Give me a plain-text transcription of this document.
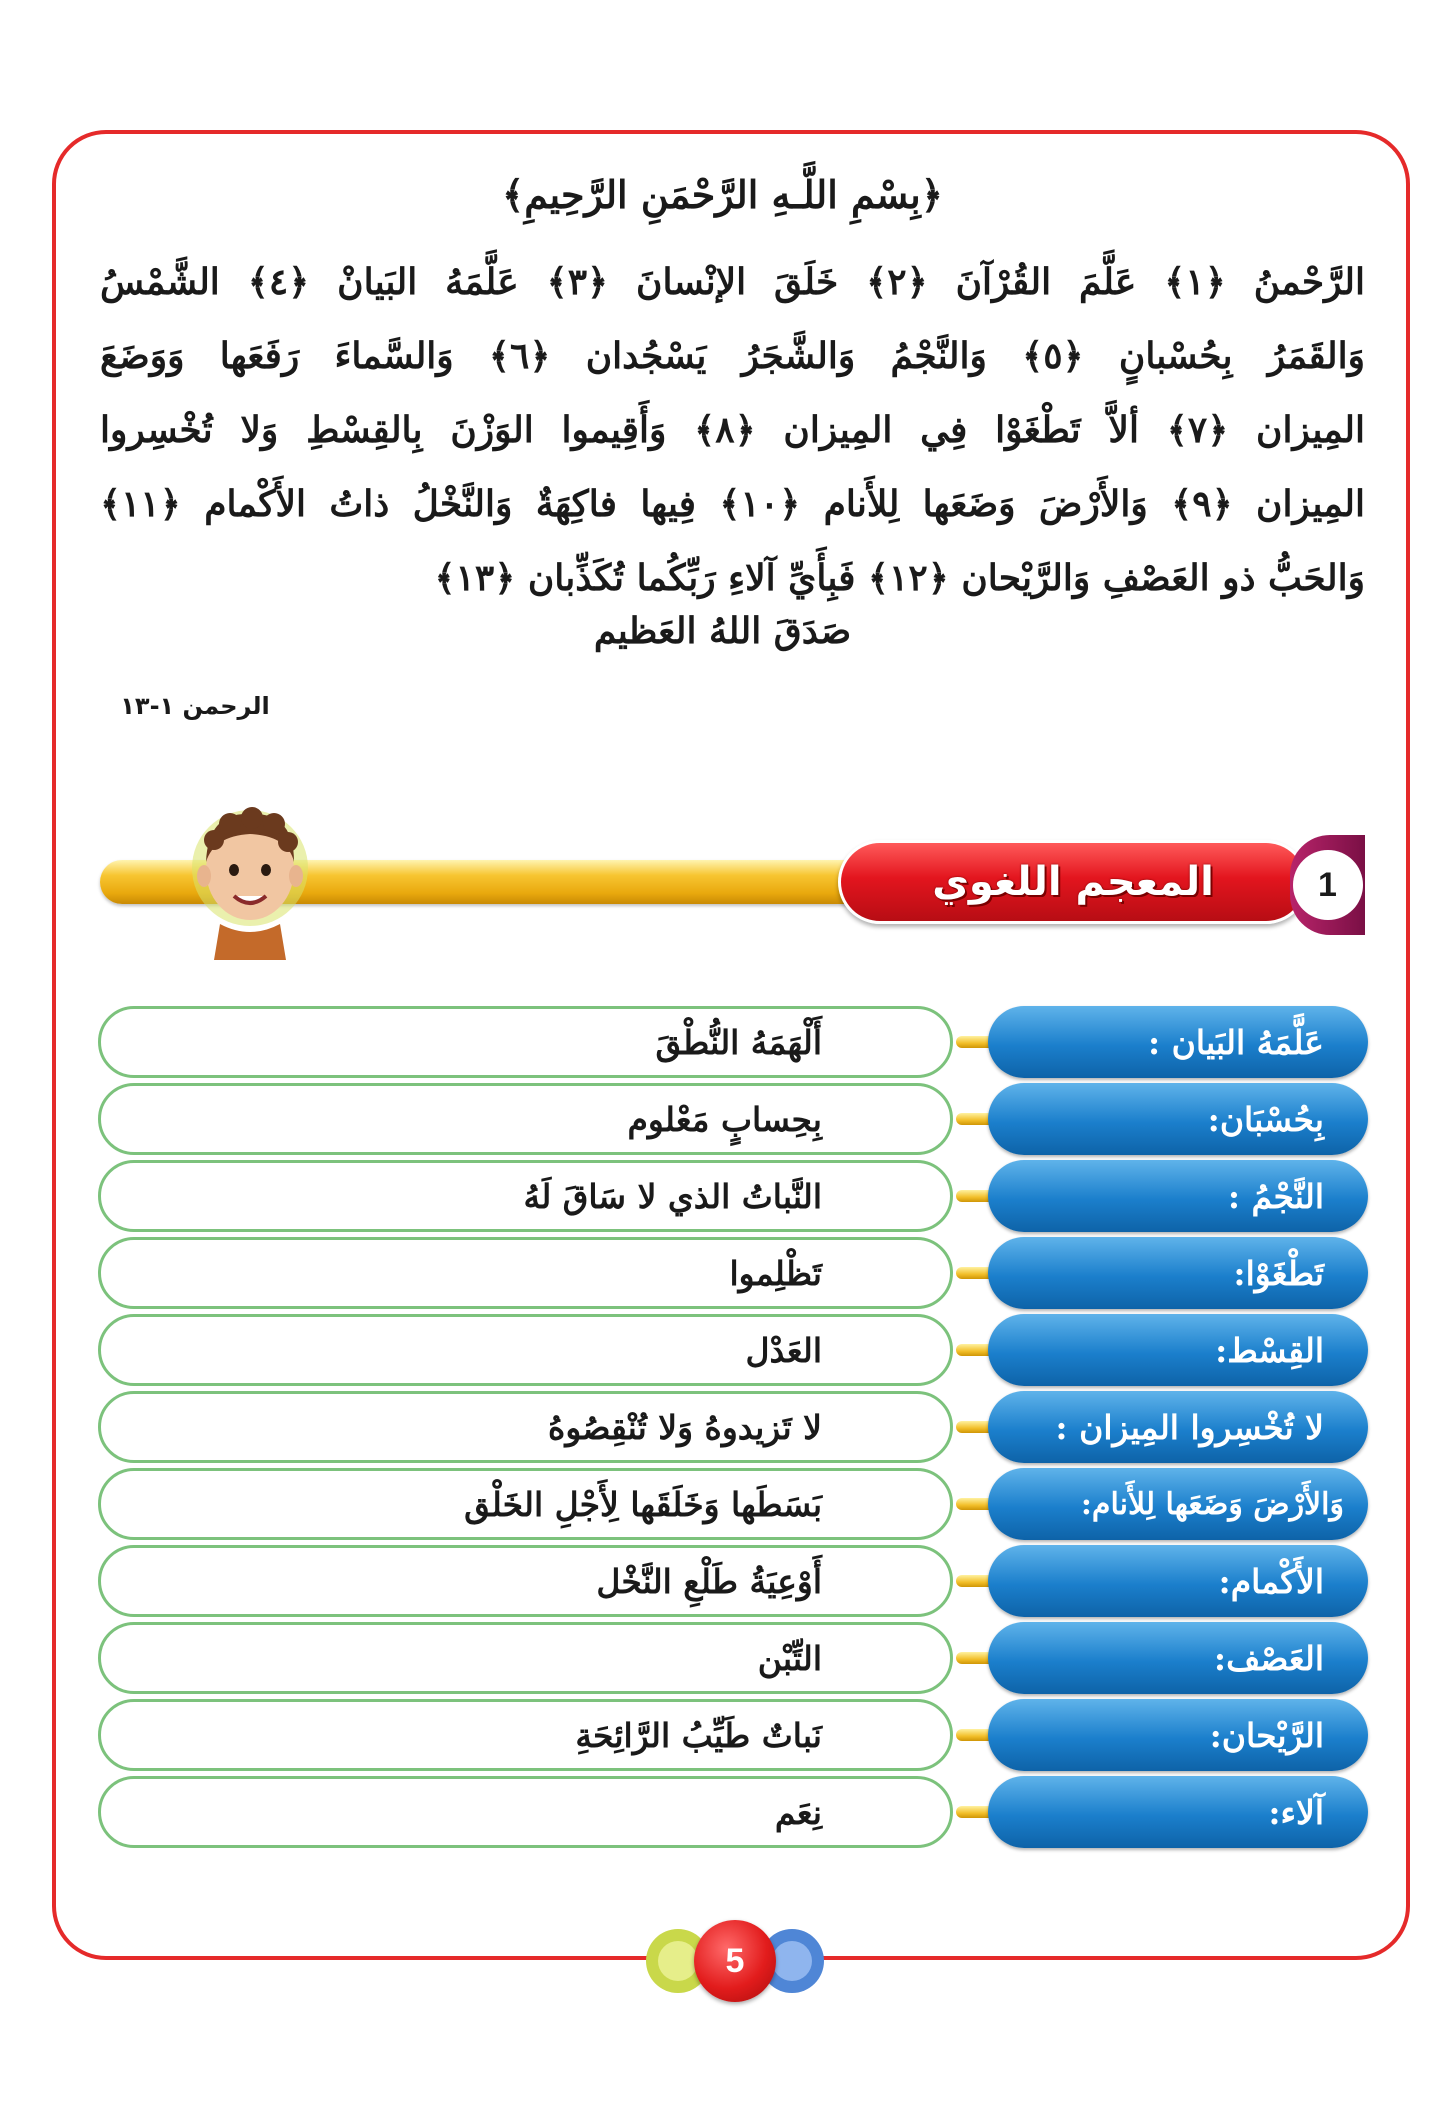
﴿بِسْمِ اللَّـهِ الرَّحْمَنِ الرَّحِيمِ﴾
الرَّحْمنُ ﴿١﴾ عَلَّمَ القُرْآنَ ﴿٢﴾ خَلَقَ الإنْسانَ ﴿٣﴾ عَلَّمَهُ البَيانْ ﴿٤﴾ الشَّمْسُ
وَالقَمَرُ بِحُسْبانٍ ﴿٥﴾ وَالنَّجْمُ وَالشَّجَرُ يَسْجُدان ﴿٦﴾ وَالسَّماءَ رَفَعَها وَوَضَعَ
المِيزان ﴿٧﴾ ألاَّ تَطْغَوْا فِي المِيزان ﴿٨﴾ وَأَقِيموا الوَزْنَ بِالقِسْطِ وَلا تُخْسِروا
المِيزان ﴿٩﴾ وَالأَرْضَ وَضَعَها لِلأَنام ﴿١٠﴾ فِيها فاكِهَةٌ وَالنَّخْلُ ذاتُ الأَكْمام ﴿١١﴾
وَالحَبُّ ذو العَصْفِ وَالرَّيْحان ﴿١٢﴾ فَبِأَيِّ آلاءِ رَبِّكُما تُكَذِّبان ﴿١٣﴾
صَدَقَ اللهُ العَظيم
الرحمن ١-١٣
المعجم اللغوي	1
أَلْهَمَهُ النُّطْقَ	عَلَّمَهُ البَيان :
بِحِسابٍ مَعْلوم	بِحُسْبَان:
النَّباتُ الذي لا سَاقَ لَهُ	النَّجْمُ :
تَظْلِموا	تَطْغَوْا:
العَدْل	القِسْط:
لا تَزيدوهُ وَلا تُنْقِصُوهُ	لا تُخْسِروا المِيزان :
بَسَطَها وَخَلَقَها لِأَجْلِ الخَلْق	وَالأَرْضَ وَضَعَها لِلأَنام:
أَوْعِيَةُ طَلْعِ النَّخْل	الأَكْمام:
التِّبْن	العَصْف:
نَباتٌ طَيِّبُ الرَّائِحَةِ	الرَّيْحان:
نِعَم	آلاء:
5
